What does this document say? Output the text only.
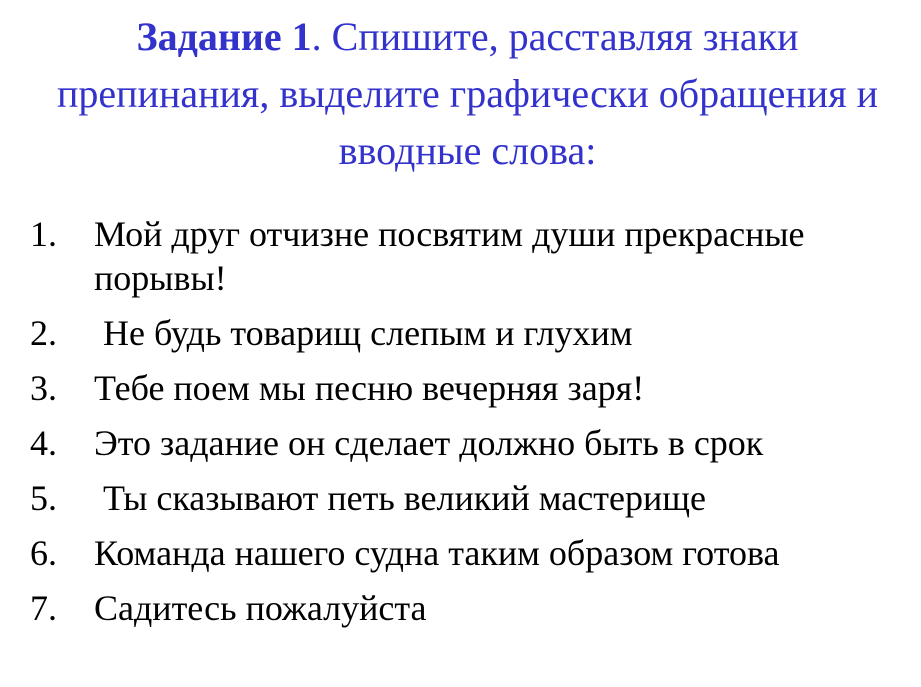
Задание 1. Спишите, расставляя знаки препинания, выделите графически обращения и вводные слова:
1.	Мой друг отчизне посвятим души прекрасные порывы!
2.	Не будь товарищ слепым и глухим
3.	Тебе поем мы песню вечерняя заря!
4.	Это задание он сделает должно быть в срок
5.	Ты сказывают петь великий мастерище
6.	Команда нашего судна таким образом готова
7.	Садитесь пожалуйста
